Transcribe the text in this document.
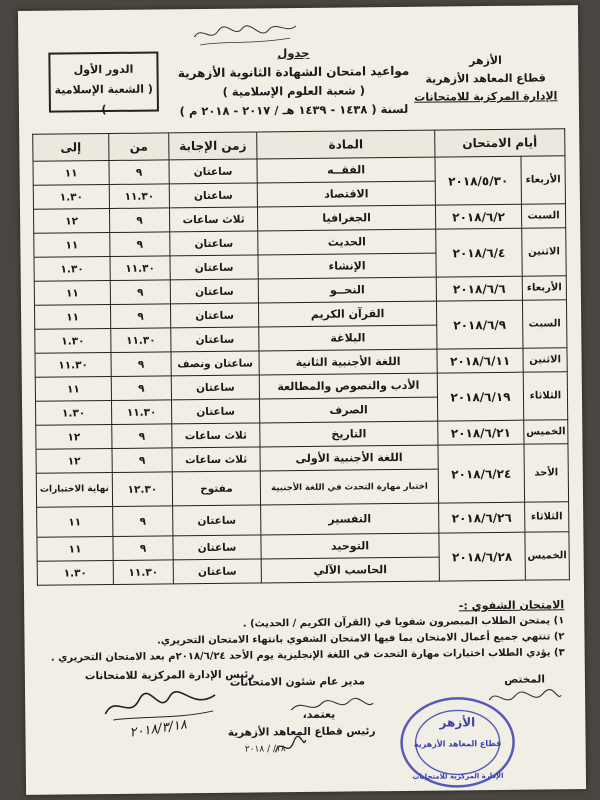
الأزهر
قطاع المعاهد الأزهرية
الإدارة المركزية للامتحانات
جدول
مواعيد امتحان الشهادة الثانوية الأزهرية
( شعبة العلوم الإسلامية )
لسنة ( ١٤٣٨ - ١٤٣٩ هـ / ٢٠١٧ - ٢٠١٨ م )
الدور الأول
( الشعبة الإسلامية )
أيام الامتحان		المادة	زمن الإجابة	من	إلى
الأربعاء	٢٠١٨/٥/٣٠	الفقــه	ساعتان	٩	١١
		الاقتصاد	ساعتان	١١.٣٠	١.٣٠
السبت	٢٠١٨/٦/٢	الجغرافيا	ثلاث ساعات	٩	١٢
الاثنين	٢٠١٨/٦/٤	الحديث	ساعتان	٩	١١
		الإنشاء	ساعتان	١١.٣٠	١.٣٠
الأربعاء	٢٠١٨/٦/٦	النحــو	ساعتان	٩	١١
السبت	٢٠١٨/٦/٩	القرآن الكريم	ساعتان	٩	١١
		البلاغة	ساعتان	١١.٣٠	١.٣٠
الاثنين	٢٠١٨/٦/١١	اللغة الأجنبية الثانية	ساعتان ونصف	٩	١١.٣٠
الثلاثاء	٢٠١٨/٦/١٩	الأدب والنصوص والمطالعة	ساعتان	٩	١١
		الصرف	ساعتان	١١.٣٠	١.٣٠
الخميس	٢٠١٨/٦/٢١	التاريخ	ثلاث ساعات	٩	١٢
الأحد	٢٠١٨/٦/٢٤	اللغة الأجنبية الأولى	ثلاث ساعات	٩	١٢
		اختبار مهارة التحدث في اللغة الأجنبية	مفتوح	١٢.٣٠	نهاية الاختبارات
الثلاثاء	٢٠١٨/٦/٢٦	التفسير	ساعتان	٩	١١
الخميس	٢٠١٨/٦/٢٨	التوحيد	ساعتان	٩	١١
		الحاسب الآلي	ساعتان	١١.٣٠	١.٣٠
الامتحان الشفوي :-
١) يمتحن الطلاب المبصرون شفويا في (القرآن الكريم / الحديث) .
٢) تنتهي جميع أعمال الامتحان بما فيها الامتحان الشفوي بانتهاء الامتحان التحريري.
٣) يؤدي الطلاب اختبارات مهارة التحدث في اللغة الإنجليزية يوم الأحد ٢٠١٨/٦/٢٤م بعد الامتحان التحريري .
المختص
مدير عام شئون الامتحانات
رئيس الإدارة المركزية للامتحانات
يعتمد،
رئيس قطاع المعاهد الأزهرية
٢٠١٨/٣/١٨
١٨/ / ٢٠١٨
الأزهر
قطاع المعاهد الأزهرية
الإدارة المركزية للامتحانات
